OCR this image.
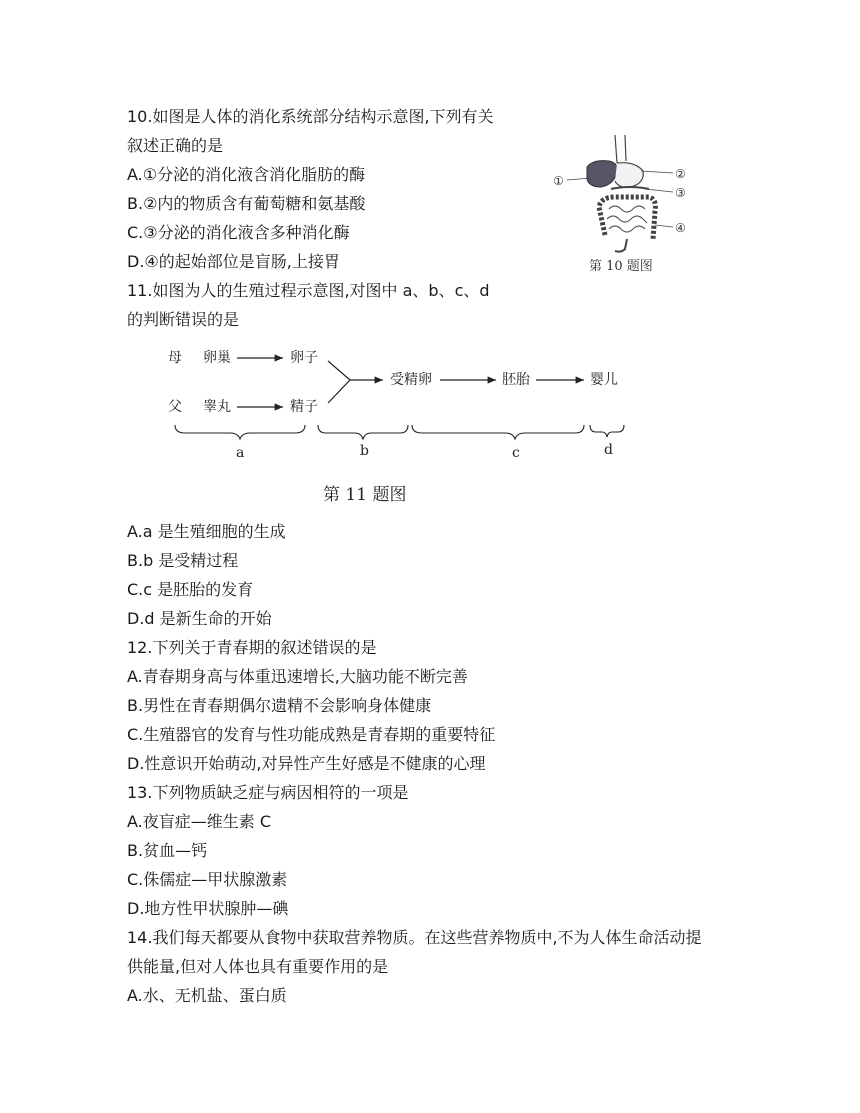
10.如图是人体的消化系统部分结构示意图,下列有关
叙述正确的是
A.①分泌的消化液含消化脂肪的酶
B.②内的物质含有葡萄糖和氨基酸
C.③分泌的消化液含多种消化酶
D.④的起始部位是盲肠,上接胃
①	②
③
④
第 10 题图
11.如图为人的生殖过程示意图,对图中 a、b、c、d
的判断错误的是
母 卵巢	卵子
父 睾丸	精子
受精卵	胚胎	婴儿
a	b	c	d
第 11 题图
A.a 是生殖细胞的生成
B.b 是受精过程
C.c 是胚胎的发育
D.d 是新生命的开始
12.下列关于青春期的叙述错误的是
A.青春期身高与体重迅速增长,大脑功能不断完善
B.男性在青春期偶尔遗精不会影响身体健康
C.生殖器官的发育与性功能成熟是青春期的重要特征
D.性意识开始萌动,对异性产生好感是不健康的心理
13.下列物质缺乏症与病因相符的一项是
A.夜盲症—维生素 C
B.贫血—钙
C.侏儒症—甲状腺激素
D.地方性甲状腺肿—碘
14.我们每天都要从食物中获取营养物质。在这些营养物质中,不为人体生命活动提
供能量,但对人体也具有重要作用的是
A.水、无机盐、蛋白质
